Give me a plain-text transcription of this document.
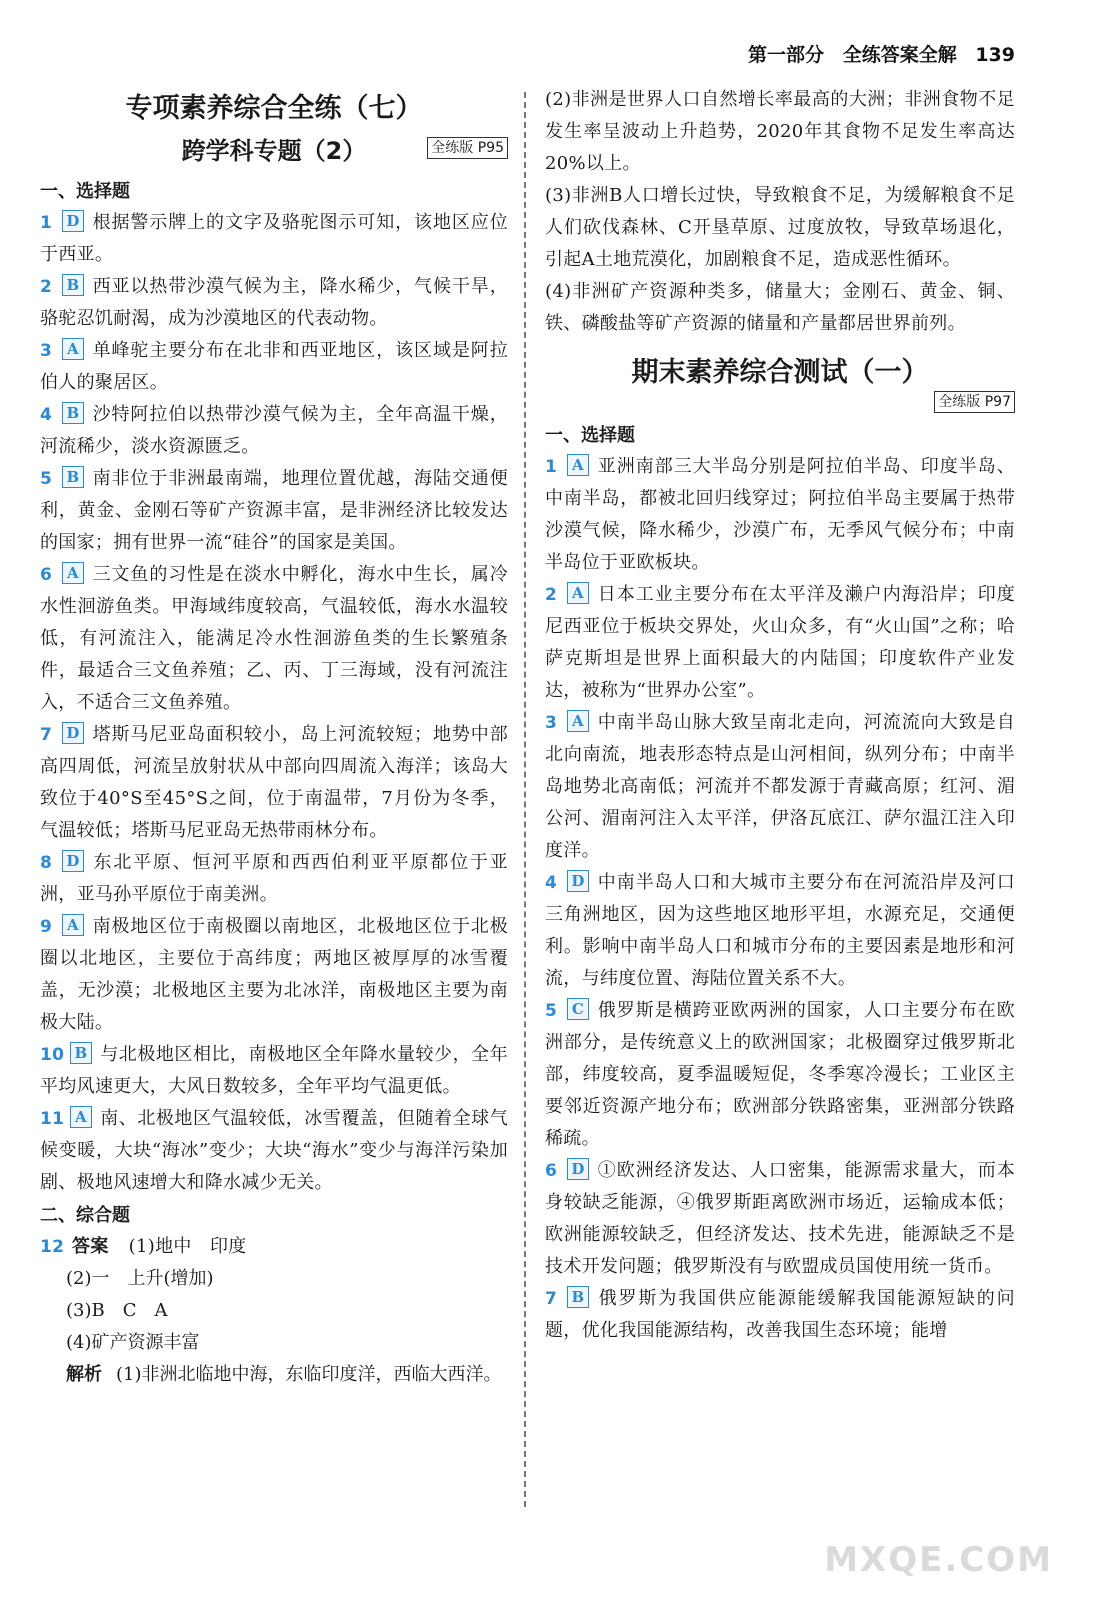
第一部分 全练答案全解 139
专项素养综合全练（七）
跨学科专题（2）	全练版 P95
一、选择题

1 D 根据警示牌上的文字及骆驼图示可知，该地区应位于西亚。

2 B 西亚以热带沙漠气候为主，降水稀少，气候干旱，骆驼忍饥耐渴，成为沙漠地区的代表动物。

3 A 单峰驼主要分布在北非和西亚地区，该区域是阿拉伯人的聚居区。

4 B 沙特阿拉伯以热带沙漠气候为主，全年高温干燥，河流稀少，淡水资源匮乏。

5 B 南非位于非洲最南端，地理位置优越，海陆交通便利，黄金、金刚石等矿产资源丰富，是非洲经济比较发达的国家；拥有世界一流“硅谷”的国家是美国。

6 A 三文鱼的习性是在淡水中孵化，海水中生长，属冷水性洄游鱼类。甲海域纬度较高，气温较低，海水水温较低，有河流注入，能满足冷水性洄游鱼类的生长繁殖条件，最适合三文鱼养殖；乙、丙、丁三海域，没有河流注入，不适合三文鱼养殖。

7 D 塔斯马尼亚岛面积较小，岛上河流较短；地势中部高四周低，河流呈放射状从中部向四周流入海洋；该岛大致位于40°S至45°S之间，位于南温带，7月份为冬季，气温较低；塔斯马尼亚岛无热带雨林分布。

8 D 东北平原、恒河平原和西西伯利亚平原都位于亚洲，亚马孙平原位于南美洲。

9 A 南极地区位于南极圈以南地区，北极地区位于北极圈以北地区，主要位于高纬度；两地区被厚厚的冰雪覆盖，无沙漠；北极地区主要为北冰洋，南极地区主要为南极大陆。

10 B 与北极地区相比，南极地区全年降水量较少，全年平均风速更大，大风日数较多，全年平均气温更低。

11 A 南、北极地区气温较低，冰雪覆盖，但随着全球气候变暖，大块“海冰”变少；大块“海水”变少与海洋污染加剧、极地风速增大和降水减少无关。

二、综合题

12 答案 (1)地中　印度

(2)一　上升(增加)

(3)B　C　A

(4)矿产资源丰富

解析 (1)非洲北临地中海，东临印度洋，西临大西洋。

(2)非洲是世界人口自然增长率最高的大洲；非洲食物不足发生率呈波动上升趋势，2020年其食物不足发生率高达20%以上。

(3)非洲B人口增长过快，导致粮食不足，为缓解粮食不足人们砍伐森林、C开垦草原、过度放牧，导致草场退化，引起A土地荒漠化，加剧粮食不足，造成恶性循环。

(4)非洲矿产资源种类多，储量大；金刚石、黄金、铜、铁、磷酸盐等矿产资源的储量和产量都居世界前列。

期末素养综合测试（一）
全练版 P97
一、选择题

1 A 亚洲南部三大半岛分别是阿拉伯半岛、印度半岛、中南半岛，都被北回归线穿过；阿拉伯半岛主要属于热带沙漠气候，降水稀少，沙漠广布，无季风气候分布；中南半岛位于亚欧板块。

2 A 日本工业主要分布在太平洋及濑户内海沿岸；印度尼西亚位于板块交界处，火山众多，有“火山国”之称；哈萨克斯坦是世界上面积最大的内陆国；印度软件产业发达，被称为“世界办公室”。

3 A 中南半岛山脉大致呈南北走向，河流流向大致是自北向南流，地表形态特点是山河相间，纵列分布；中南半岛地势北高南低；河流并不都发源于青藏高原；红河、湄公河、湄南河注入太平洋，伊洛瓦底江、萨尔温江注入印度洋。

4 D 中南半岛人口和大城市主要分布在河流沿岸及河口三角洲地区，因为这些地区地形平坦，水源充足，交通便利。影响中南半岛人口和城市分布的主要因素是地形和河流，与纬度位置、海陆位置关系不大。

5 C 俄罗斯是横跨亚欧两洲的国家，人口主要分布在欧洲部分，是传统意义上的欧洲国家；北极圈穿过俄罗斯北部，纬度较高，夏季温暖短促，冬季寒冷漫长；工业区主要邻近资源产地分布；欧洲部分铁路密集，亚洲部分铁路稀疏。

6 D ①欧洲经济发达、人口密集，能源需求量大，而本身较缺乏能源，④俄罗斯距离欧洲市场近，运输成本低；欧洲能源较缺乏，但经济发达、技术先进，能源缺乏不是技术开发问题；俄罗斯没有与欧盟成员国使用统一货币。

7 B 俄罗斯为我国供应能源能缓解我国能源短缺的问题，优化我国能源结构，改善我国生态环境；能增

MXQE.COM
